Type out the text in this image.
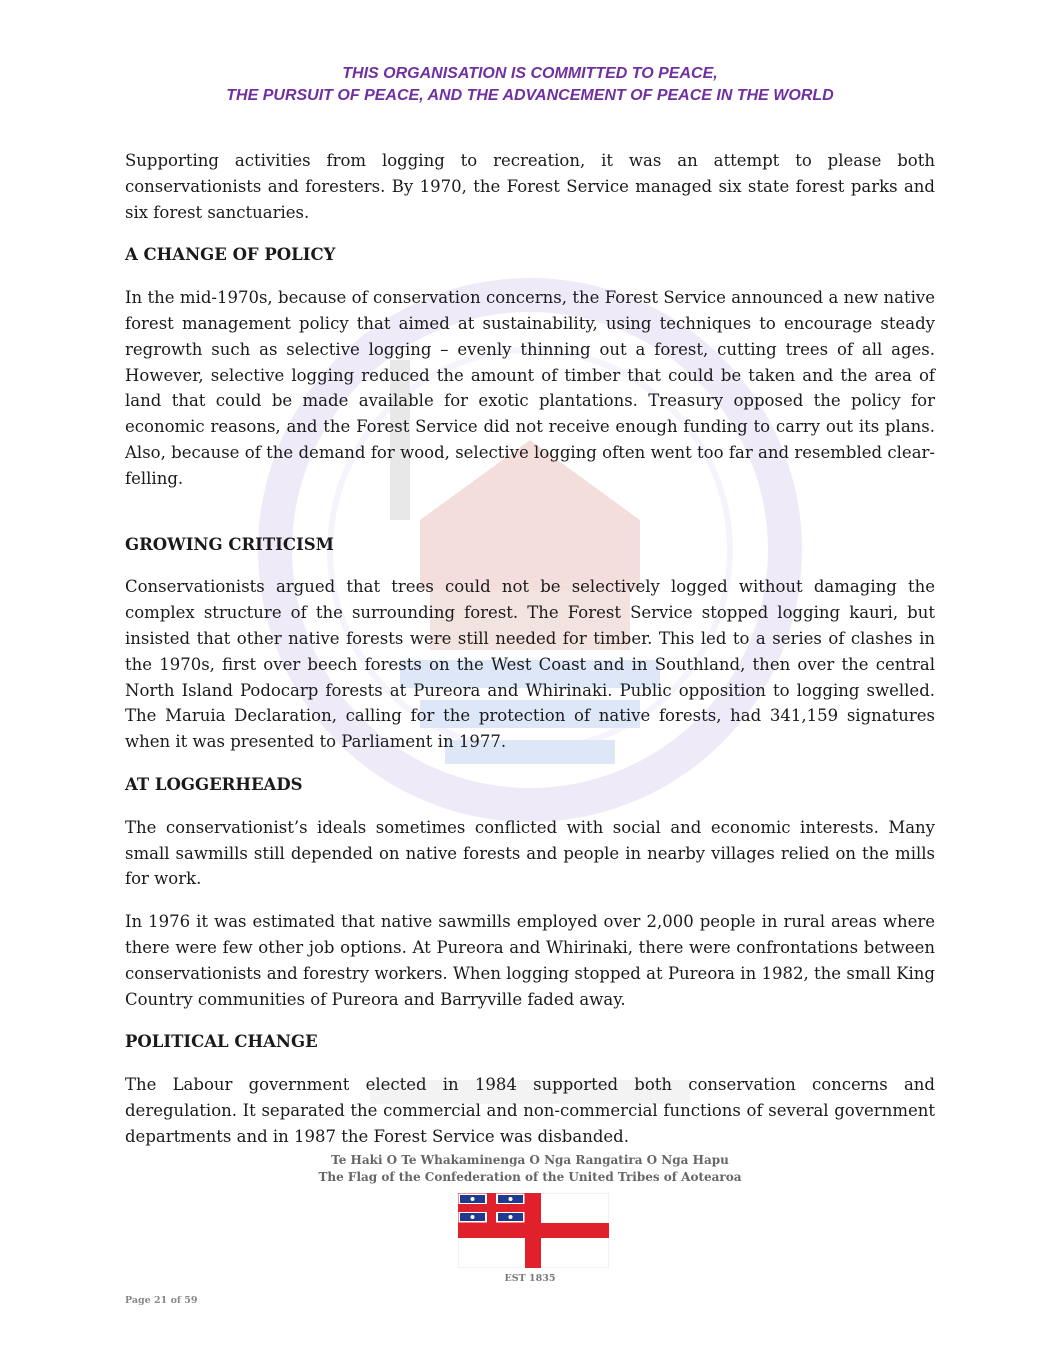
THIS ORGANISATION IS COMMITTED TO PEACE,
THE PURSUIT OF PEACE, AND THE ADVANCEMENT OF PEACE IN THE WORLD

Supporting activities from logging to recreation, it was an attempt to please both conservationists and foresters. By 1970, the Forest Service managed six state forest parks and six forest sanctuaries.

A CHANGE OF POLICY

In the mid-1970s, because of conservation concerns, the Forest Service announced a new native forest management policy that aimed at sustainability, using techniques to encourage steady regrowth such as selective logging – evenly thinning out a forest, cutting trees of all ages. However, selective logging reduced the amount of timber that could be taken and the area of land that could be made available for exotic plantations. Treasury opposed the policy for economic reasons, and the Forest Service did not receive enough funding to carry out its plans. Also, because of the demand for wood, selective logging often went too far and resembled clear-felling.

GROWING CRITICISM

Conservationists argued that trees could not be selectively logged without damaging the complex structure of the surrounding forest. The Forest Service stopped logging kauri, but insisted that other native forests were still needed for timber. This led to a series of clashes in the 1970s, first over beech forests on the West Coast and in Southland, then over the central North Island Podocarp forests at Pureora and Whirinaki. Public opposition to logging swelled. The Maruia Declaration, calling for the protection of native forests, had 341,159 signatures when it was presented to Parliament in 1977.

AT LOGGERHEADS

The conservationist’s ideals sometimes conflicted with social and economic interests. Many small sawmills still depended on native forests and people in nearby villages relied on the mills for work.

In 1976 it was estimated that native sawmills employed over 2,000 people in rural areas where there were few other job options. At Pureora and Whirinaki, there were confrontations between conservationists and forestry workers. When logging stopped at Pureora in 1982, the small King Country communities of Pureora and Barryville faded away.

POLITICAL CHANGE

The Labour government elected in 1984 supported both conservation concerns and deregulation. It separated the commercial and non-commercial functions of several government departments and in 1987 the Forest Service was disbanded.

Te Haki O Te Whakaminenga O Nga Rangatira O Nga Hapu
The Flag of the Confederation of the United Tribes of Aotearoa
EST 1835
Page 21 of 59
